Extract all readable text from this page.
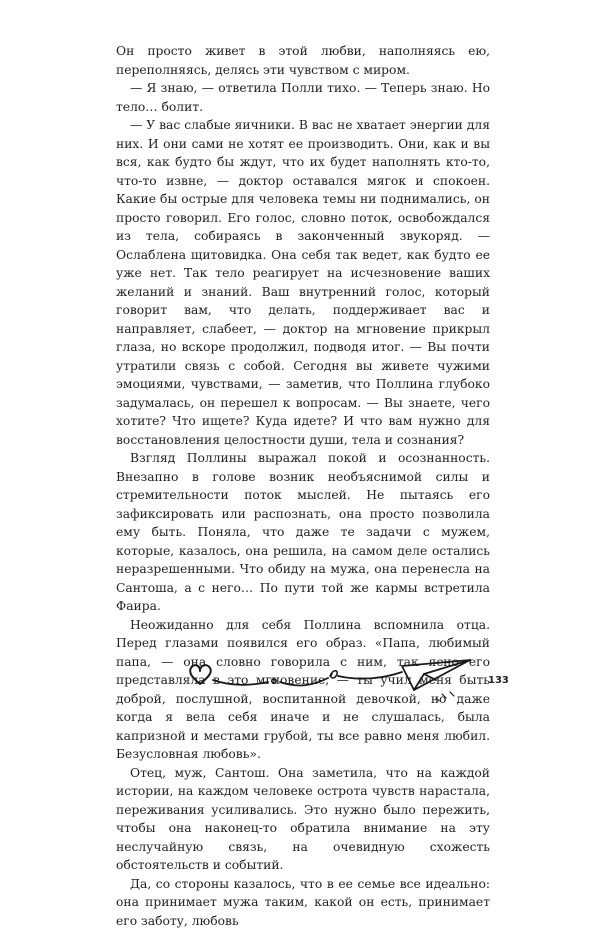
Он просто живет в этой любви, наполняясь ею, переполняясь, делясь эти чувством с миром.

— Я знаю, — ответила Полли тихо. — Теперь знаю. Но тело… болит.

— У вас слабые яичники. В вас не хватает энергии для них. И они сами не хотят ее производить. Они, как и вы вся, как будто бы ждут, что их будет наполнять кто-то, что-то извне, — доктор оставался мягок и спокоен. Какие бы острые для человека темы ни поднимались, он просто говорил. Его голос, словно поток, освобождался из тела, собираясь в законченный звукоряд. — Ослаблена щитовидка. Она себя так ведет, как будто ее уже нет. Так тело реагирует на исчезновение ваших желаний и знаний. Ваш внутренний голос, который говорит вам, что делать, поддерживает вас и направляет, слабеет, — доктор на мгновение прикрыл глаза, но вскоре продолжил, подводя итог. — Вы почти утратили связь с собой. Сегодня вы живете чужими эмоциями, чувствами, — заметив, что Поллина глубоко задумалась, он перешел к вопросам. — Вы знаете, чего хотите? Что ищете? Куда идете? И что вам нужно для восстановления целостности души, тела и сознания?

Взгляд Поллины выражал покой и осознанность. Внезапно в голове возник необъяснимой силы и стремительности поток мыслей. Не пытаясь его зафиксировать или распознать, она просто позволила ему быть. Поняла, что даже те задачи с мужем, которые, казалось, она решила, на самом деле остались неразрешенными. Что обиду на мужа, она перенесла на Сантоша, а с него… По пути той же кармы встретила Фаира.

Неожиданно для себя Поллина вспомнила отца. Перед глазами появился его образ. «Папа, любимый папа, — она словно говорила с ним, так ясно его представляла в это мгновение, — ты учил меня быть доброй, послушной, воспитанной девочкой, но даже когда я вела себя иначе и не слушалась, была капризной и местами грубой, ты все равно меня любил. Безусловная любовь».

Отец, муж, Сантош. Она заметила, что на каждой истории, на каждом человеке острота чувств нарастала, переживания усиливались. Это нужно было пережить, чтобы она наконец-то обратила внимание на эту неслучайную связь, на очевидную схожесть обстоятельств и событий.

Да, со стороны казалось, что в ее семье все идеально: она принимает мужа таким, какой он есть, принимает его заботу, любовь

133
